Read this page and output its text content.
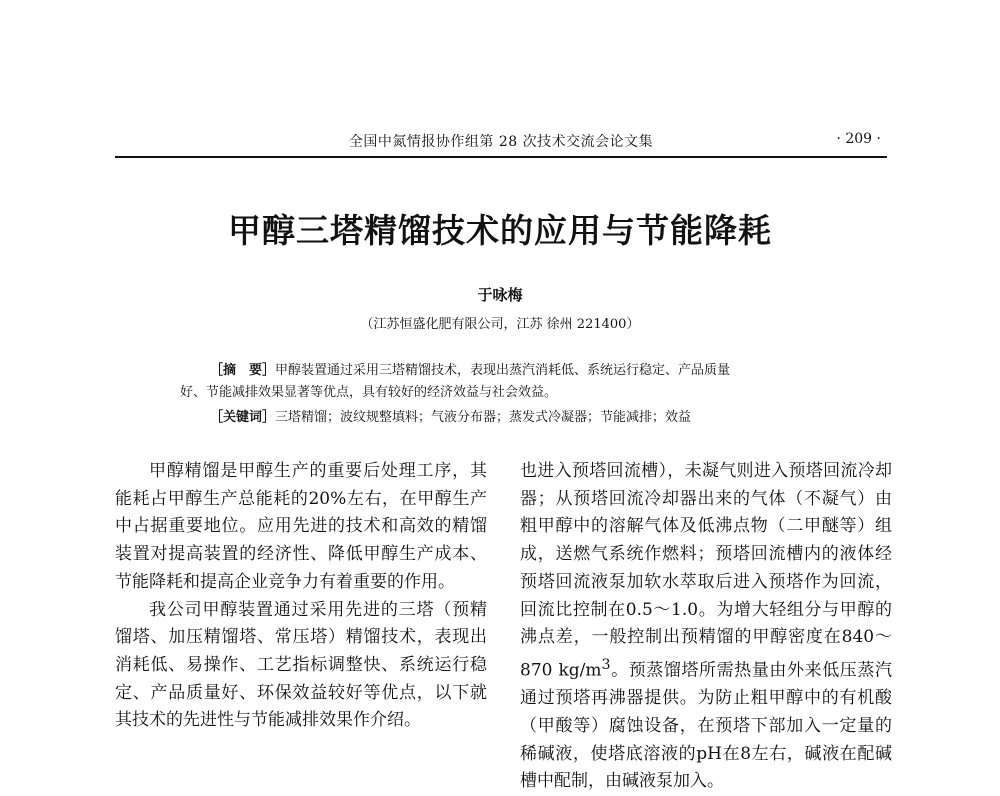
全国中氮情报协作组第 28 次技术交流会论文集	· 209 ·
甲醇三塔精馏技术的应用与节能降耗
于咏梅
（江苏恒盛化肥有限公司，江苏 徐州 221400）

［摘　要］甲醇装置通过采用三塔精馏技术，表现出蒸汽消耗低、系统运行稳定、产品质量

好、节能减排效果显著等优点，具有较好的经济效益与社会效益。

［关键词］三塔精馏；波纹规整填料；气液分布器；蒸发式冷凝器；节能减排；效益

甲醇精馏是甲醇生产的重要后处理工序，其能耗占甲醇生产总能耗的20%左右，在甲醇生产中占据重要地位。应用先进的技术和高效的精馏装置对提高装置的经济性、降低甲醇生产成本、节能降耗和提高企业竞争力有着重要的作用。

我公司甲醇装置通过采用先进的三塔（预精馏塔、加压精馏塔、常压塔）精馏技术，表现出消耗低、易操作、工艺指标调整快、系统运行稳定、产品质量好、环保效益较好等优点，以下就其技术的先进性与节能减排效果作介绍。

也进入预塔回流槽），未凝气则进入预塔回流冷却器；从预塔回流冷却器出来的气体（不凝气）由粗甲醇中的溶解气体及低沸点物（二甲醚等）组成，送燃气系统作燃料；预塔回流槽内的液体经预塔回流液泵加软水萃取后进入预塔作为回流，回流比控制在0.5～1.0。为增大轻组分与甲醇的沸点差，一般控制出预精馏的甲醇密度在840～870 $kg/m^3$。预蒸馏塔所需热量由外来低压蒸汽通过预塔再沸器提供。为防止粗甲醇中的有机酸（甲酸等）腐蚀设备，在预塔下部加入一定量的稀碱液，使塔底溶液的pH在8左右，碱液在配碱槽中配制，由碱液泵加入。
